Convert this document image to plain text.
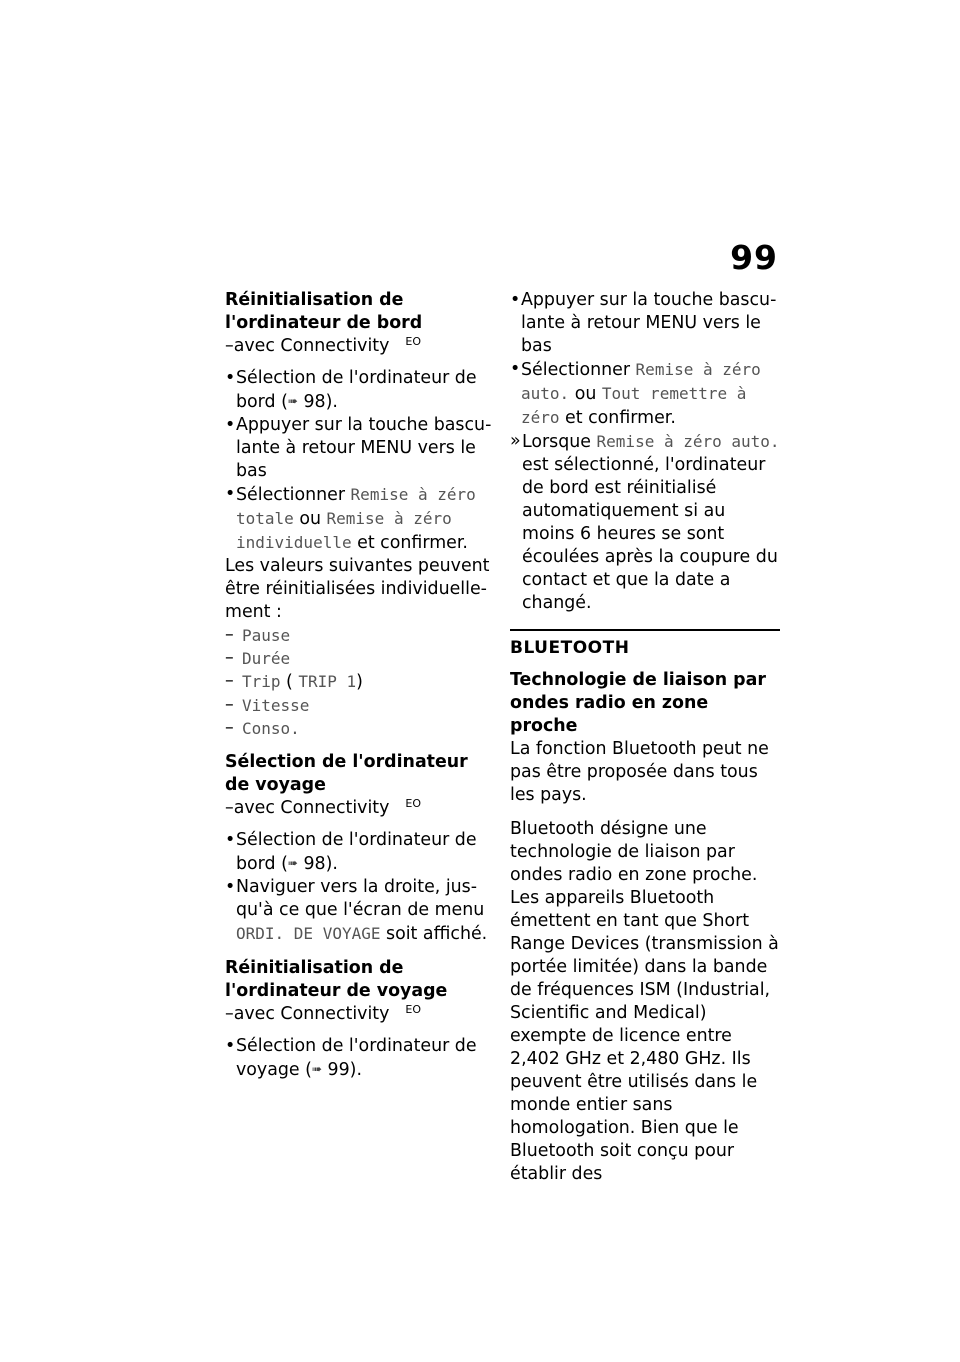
99
Réinitialisation de l'ordinateur de bord
–avec Connectivity EO
• Sélection de l'ordinateur de bord (➠ 98).
• Appuyer sur la touche basculante à retour MENU vers le bas
• Sélectionner Remise à zéro totale ou Remise à zéro individuelle et confirmer.
Les valeurs suivantes peuvent être réinitialisées individuellement :
– Pause
– Durée
– Trip ( TRIP 1)
– Vitesse
– Conso.
Sélection de l'ordinateur de voyage
–avec Connectivity EO
• Sélection de l'ordinateur de bord (➠ 98).
• Naviguer vers la droite, jusqu'à ce que l'écran de menu ORDI. DE VOYAGE soit affiché.
Réinitialisation de l'ordinateur de voyage
–avec Connectivity EO
• Sélection de l'ordinateur de voyage (➠ 99).
• Appuyer sur la touche basculante à retour MENU vers le bas
• Sélectionner Remise à zéro auto. ou Tout remettre à zéro et confirmer.
» Lorsque Remise à zéro auto. est sélectionné, l'ordinateur de bord est réinitialisé automatiquement si au moins 6 heures se sont écoulées après la coupure du contact et que la date a changé.
BLUETOOTH
Technologie de liaison par ondes radio en zone proche
La fonction Bluetooth peut ne pas être proposée dans tous les pays.
Bluetooth désigne une technologie de liaison par ondes radio en zone proche. Les appareils Bluetooth émettent en tant que Short Range Devices (transmission à portée limitée) dans la bande de fréquences ISM (Industrial, Scientific and Medical) exempte de licence entre 2,402 GHz et 2,480 GHz. Ils peuvent être utilisés dans le monde entier sans homologation. Bien que le Bluetooth soit conçu pour établir des
